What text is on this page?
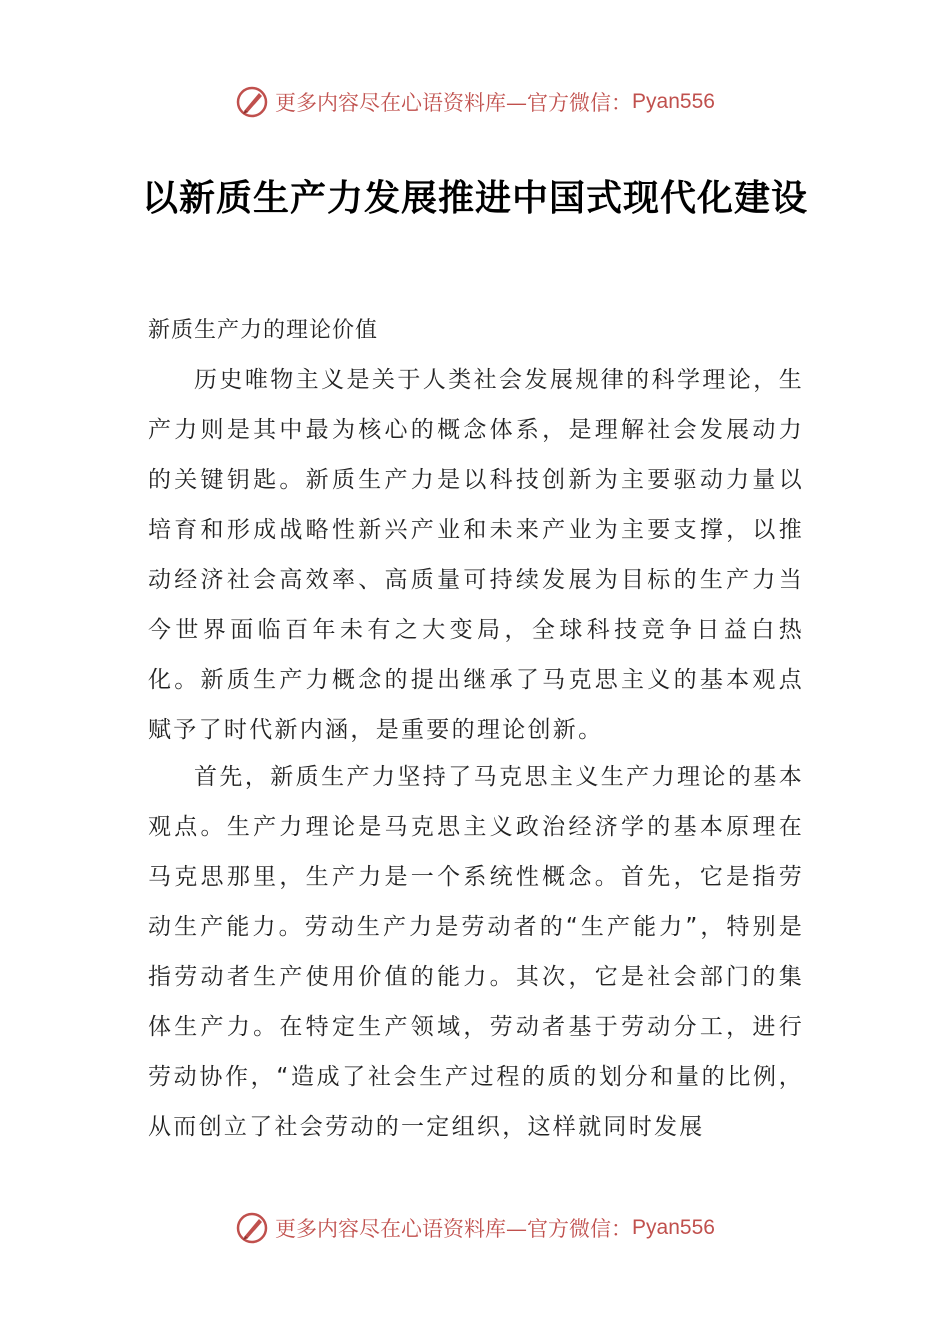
更多内容尽在心语资料库—官方微信： Pyan556
以新质生产力发展推进中国式现代化建设
新质生产力的理论价值

历史唯物主义是关于人类社会发展规律的科学理论，生产力则是其中最为核心的概念体系，是理解社会发展动力的关键钥匙。新质生产力是以科技创新为主要驱动力量以培育和形成战略性新兴产业和未来产业为主要支撑，以推动经济社会高效率、高质量可持续发展为目标的生产力当今世界面临百年未有之大变局，全球科技竞争日益白热化。新质生产力概念的提出继承了马克思主义的基本观点赋予了时代新内涵，是重要的理论创新。

首先，新质生产力坚持了马克思主义生产力理论的基本观点。生产力理论是马克思主义政治经济学的基本原理在马克思那里，生产力是一个系统性概念。首先，它是指劳动生产能力。劳动生产力是劳动者的“生产能力”，特别是指劳动者生产使用价值的能力。其次，它是社会部门的集体生产力。在特定生产领域，劳动者基于劳动分工，进行劳动协作，“造成了社会生产过程的质的划分和量的比例，从而创立了社会劳动的一定组织，这样就同时发展

更多内容尽在心语资料库—官方微信： Pyan556
